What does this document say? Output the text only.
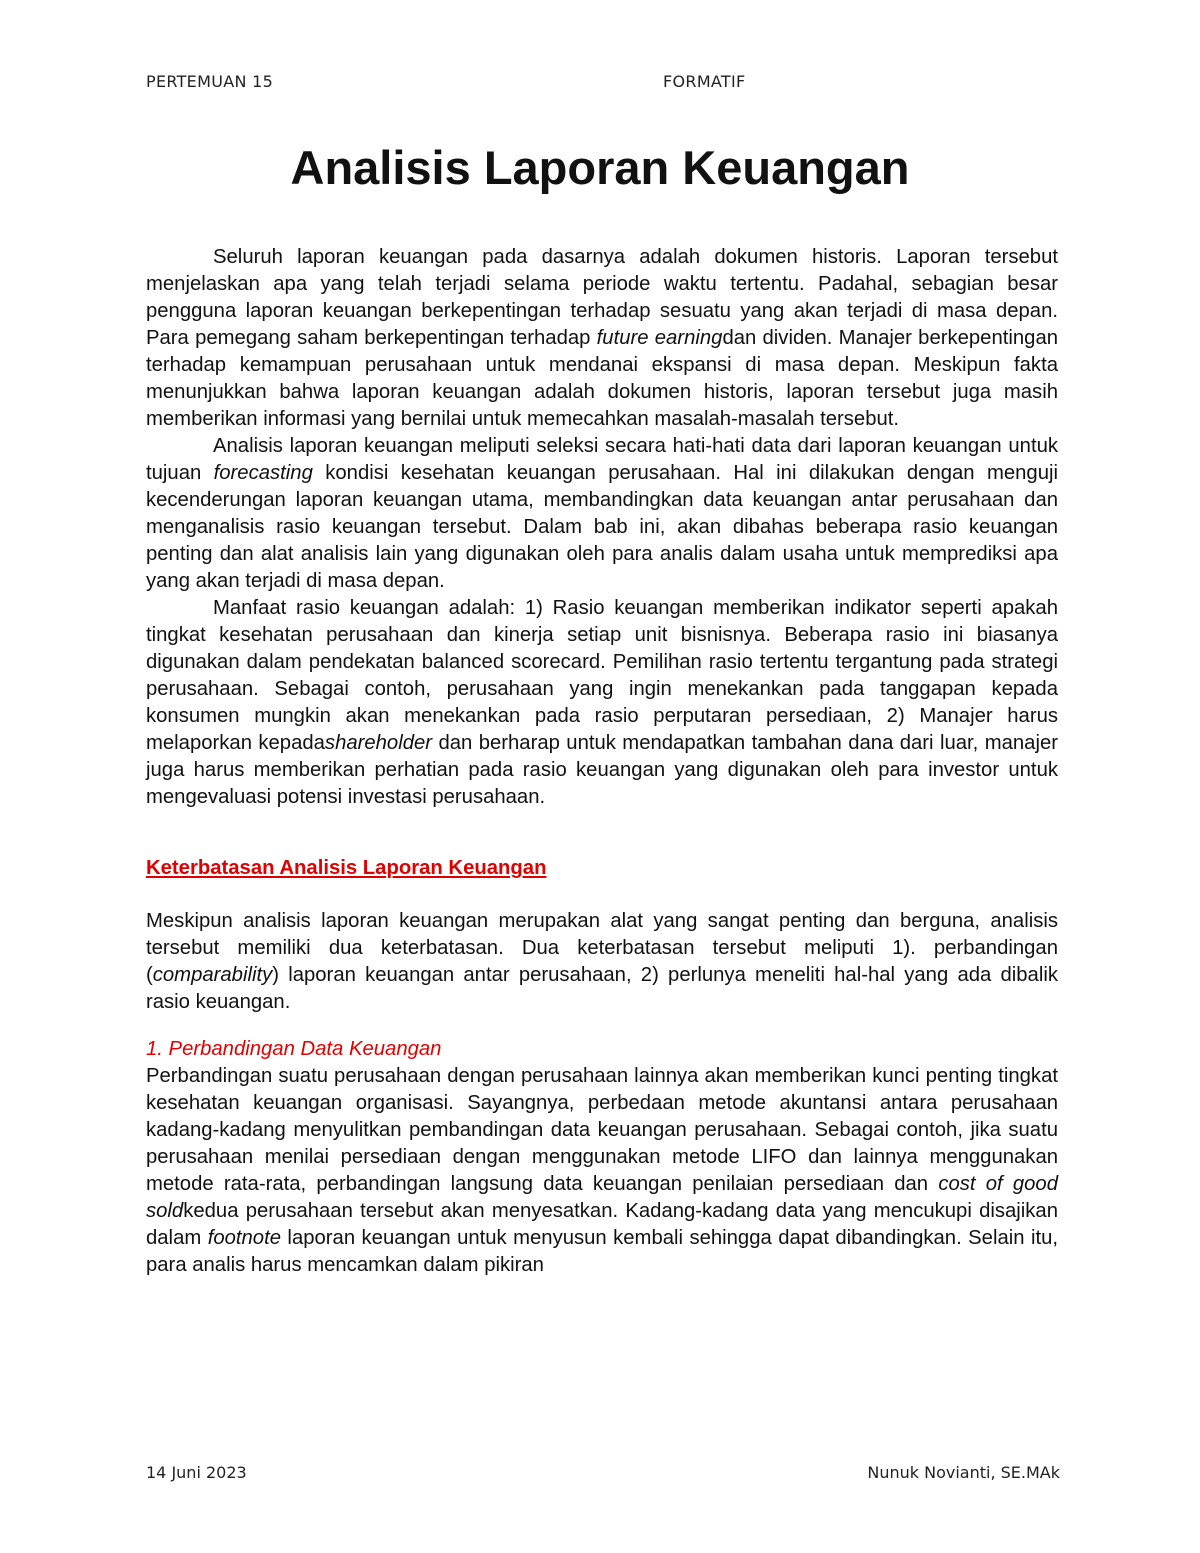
PERTEMUAN 15	FORMATIF
Analisis Laporan Keuangan

Seluruh laporan keuangan pada dasarnya adalah dokumen historis. Laporan tersebut menjelaskan apa yang telah terjadi selama periode waktu tertentu. Padahal, sebagian besar pengguna laporan keuangan berkepentingan terhadap sesuatu yang akan terjadi di masa depan. Para pemegang saham berkepentingan terhadap future earningdan dividen. Manajer berkepentingan terhadap kemampuan perusahaan untuk mendanai ekspansi di masa depan. Meskipun fakta menunjukkan bahwa laporan keuangan adalah dokumen historis, laporan tersebut juga masih memberikan informasi yang bernilai untuk memecahkan masalah-masalah tersebut.

Analisis laporan keuangan meliputi seleksi secara hati-hati data dari laporan keuangan untuk tujuan forecasting kondisi kesehatan keuangan perusahaan. Hal ini dilakukan dengan menguji kecenderungan laporan keuangan utama, membandingkan data keuangan antar perusahaan dan menganalisis rasio keuangan tersebut. Dalam bab ini, akan dibahas beberapa rasio keuangan penting dan alat analisis lain yang digunakan oleh para analis dalam usaha untuk memprediksi apa yang akan terjadi di masa depan.

Manfaat rasio keuangan adalah: 1) Rasio keuangan memberikan indikator seperti apakah tingkat kesehatan perusahaan dan kinerja setiap unit bisnisnya. Beberapa rasio ini biasanya digunakan dalam pendekatan balanced scorecard. Pemilihan rasio tertentu tergantung pada strategi perusahaan. Sebagai contoh, perusahaan yang ingin menekankan pada tanggapan kepada konsumen mungkin akan menekankan pada rasio perputaran persediaan, 2) Manajer harus melaporkan kepadashareholder dan berharap untuk mendapatkan tambahan dana dari luar, manajer juga harus memberikan perhatian pada rasio keuangan yang digunakan oleh para investor untuk mengevaluasi potensi investasi perusahaan.

Keterbatasan Analisis Laporan Keuangan

Meskipun analisis laporan keuangan merupakan alat yang sangat penting dan berguna, analisis tersebut memiliki dua keterbatasan. Dua keterbatasan tersebut meliputi 1). perbandingan (comparability) laporan keuangan antar perusahaan, 2) perlunya meneliti hal-hal yang ada dibalik rasio keuangan.

1. Perbandingan Data Keuangan

Perbandingan suatu perusahaan dengan perusahaan lainnya akan memberikan kunci penting tingkat kesehatan keuangan organisasi. Sayangnya, perbedaan metode akuntansi antara perusahaan kadang-kadang menyulitkan pembandingan data keuangan perusahaan. Sebagai contoh, jika suatu perusahaan menilai persediaan dengan menggunakan metode LIFO dan lainnya menggunakan metode rata-rata, perbandingan langsung data keuangan penilaian persediaan dan cost of good soldkedua perusahaan tersebut akan menyesatkan. Kadang-kadang data yang mencukupi disajikan dalam footnote laporan keuangan untuk menyusun kembali sehingga dapat dibandingkan. Selain itu, para analis harus mencamkan dalam pikiran

14 Juni 2023	Nunuk Novianti, SE.MAk
